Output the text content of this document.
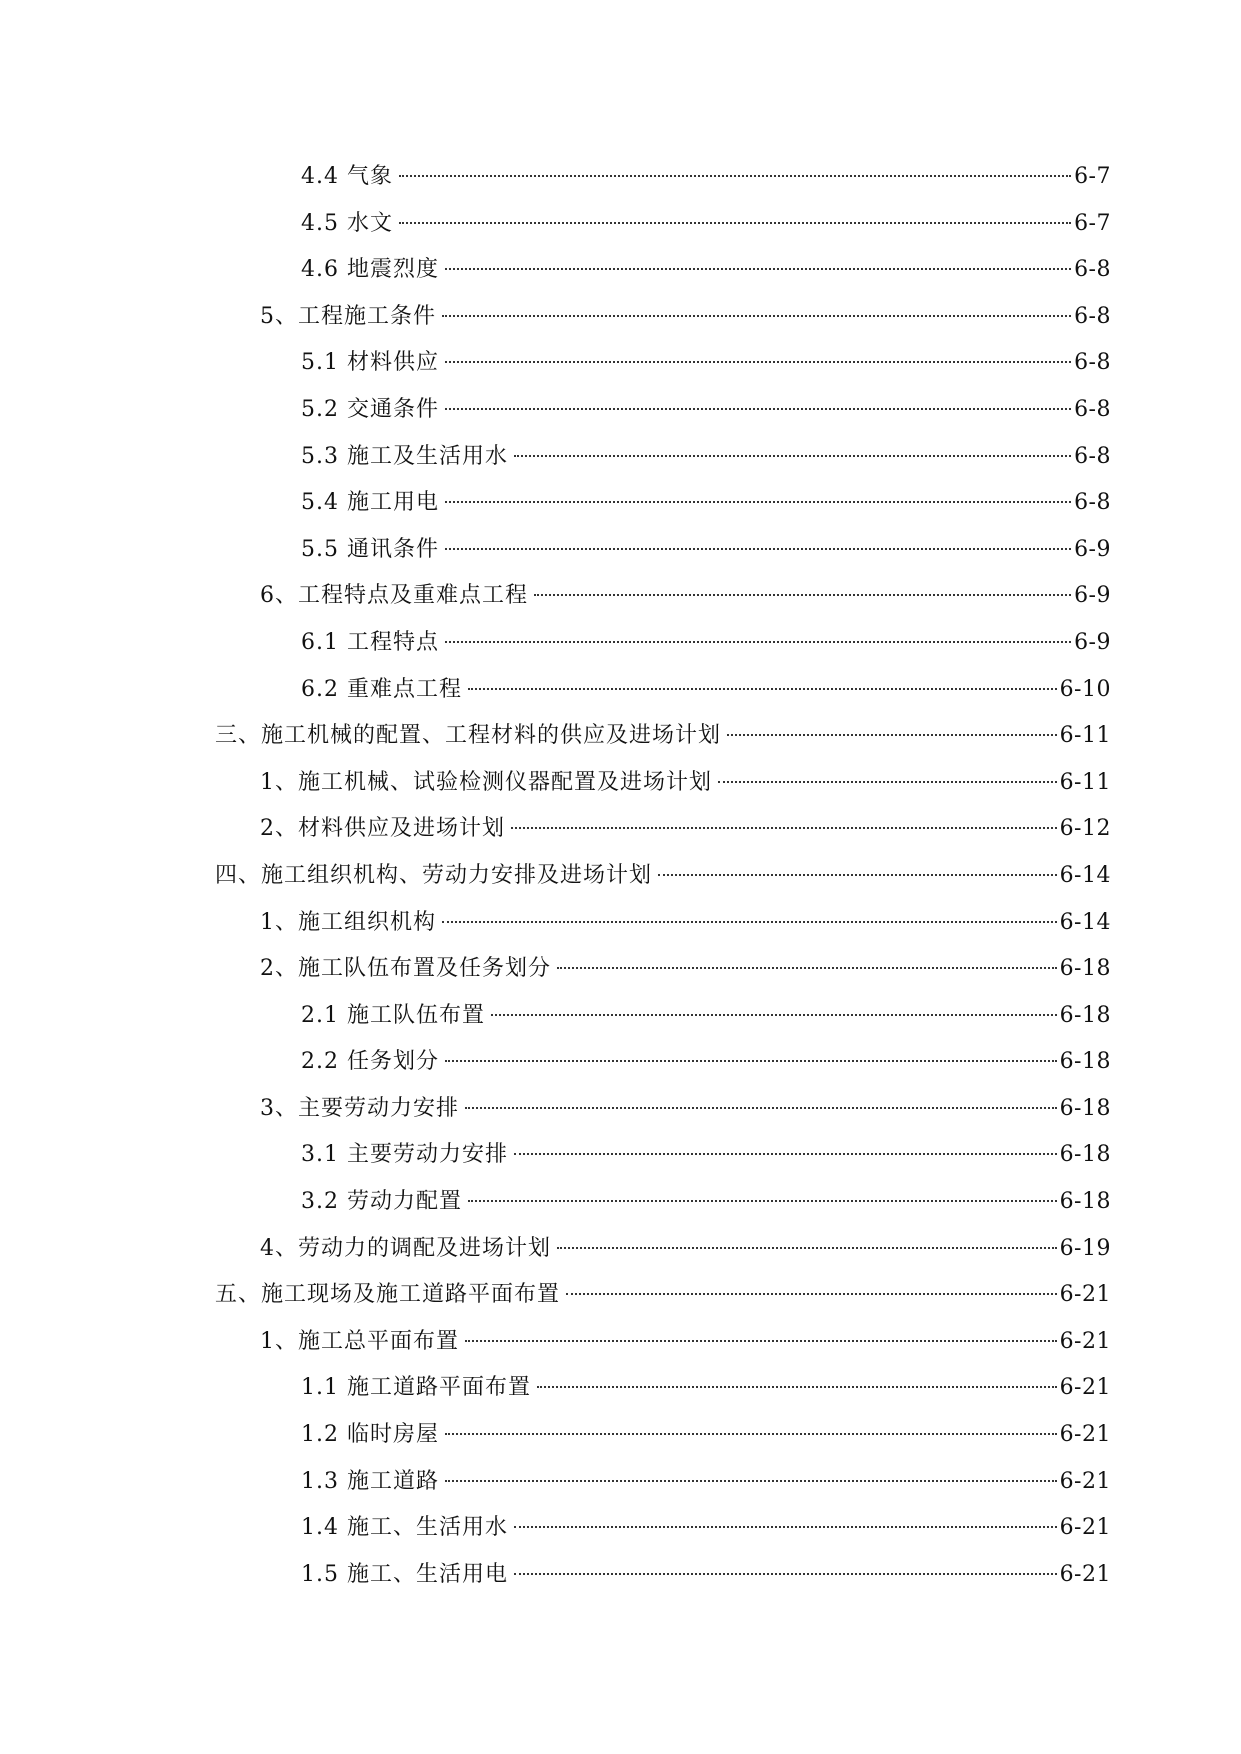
4.4 气象	6-7
4.5 水文	6-7
4.6 地震烈度	6-8
5、工程施工条件	6-8
5.1 材料供应	6-8
5.2 交通条件	6-8
5.3 施工及生活用水	6-8
5.4 施工用电	6-8
5.5 通讯条件	6-9
6、工程特点及重难点工程	6-9
6.1 工程特点	6-9
6.2 重难点工程	6-10
三、施工机械的配置、工程材料的供应及进场计划	6-11
1、施工机械、试验检测仪器配置及进场计划	6-11
2、材料供应及进场计划	6-12
四、施工组织机构、劳动力安排及进场计划	6-14
1、施工组织机构	6-14
2、施工队伍布置及任务划分	6-18
2.1 施工队伍布置	6-18
2.2 任务划分	6-18
3、主要劳动力安排	6-18
3.1 主要劳动力安排	6-18
3.2 劳动力配置	6-18
4、劳动力的调配及进场计划	6-19
五、施工现场及施工道路平面布置	6-21
1、施工总平面布置	6-21
1.1 施工道路平面布置	6-21
1.2 临时房屋	6-21
1.3 施工道路	6-21
1.4 施工、生活用水	6-21
1.5 施工、生活用电	6-21
